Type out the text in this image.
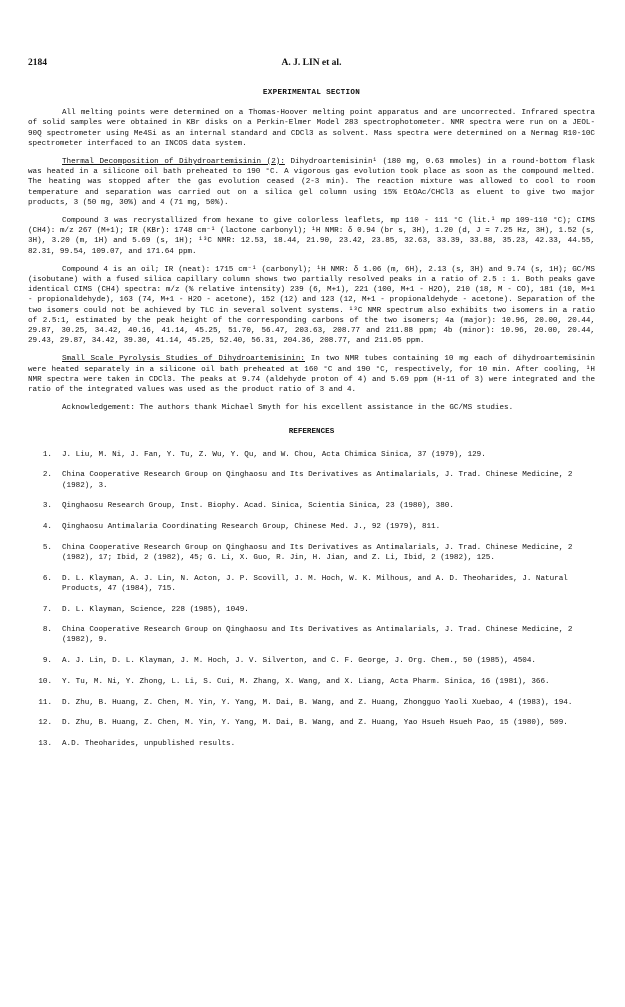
2184	A. J. LIN et al.
EXPERIMENTAL SECTION

All melting points were determined on a Thomas-Hoover melting point apparatus and are uncorrected. Infrared spectra of solid samples were obtained in KBr disks on a Perkin-Elmer Model 283 spectrophotometer. NMR spectra were run on a JEOL-90Q spectrometer using Me4Si as an internal standard and CDCl3 as solvent. Mass spectra were determined on a Nermag R10-10C spectrometer interfaced to an INCOS data system.

Thermal Decomposition of Dihydroartemisinin (2): Dihydroartemisinin¹ (180 mg, 0.63 mmoles) in a round-bottom flask was heated in a silicone oil bath preheated to 190 °C. A vigorous gas evolution took place as soon as the compound melted. The heating was stopped after the gas evolution ceased (2-3 min). The reaction mixture was allowed to cool to room temperature and separation was carried out on a silica gel column using 15% EtOAc/CHCl3 as eluent to give two major products, 3 (50 mg, 30%) and 4 (71 mg, 50%).

Compound 3 was recrystallized from hexane to give colorless leaflets, mp 110 - 111 °C (lit.¹ mp 109-110 °C); CIMS (CH4): m/z 267 (M+1); IR (KBr): 1748 cm⁻¹ (lactone carbonyl); ¹H NMR: δ 0.94 (br s, 3H), 1.20 (d, J = 7.25 Hz, 3H), 1.52 (s, 3H), 3.20 (m, 1H) and 5.69 (s, 1H); ¹³C NMR: 12.53, 18.44, 21.90, 23.42, 23.85, 32.63, 33.39, 33.88, 35.23, 42.33, 44.55, 82.31, 99.54, 109.07, and 171.64 ppm.

Compound 4 is an oil; IR (neat): 1715 cm⁻¹ (carbonyl); ¹H NMR: δ 1.06 (m, 6H), 2.13 (s, 3H) and 9.74 (s, 1H); GC/MS (isobutane) with a fused silica capillary column shows two partially resolved peaks in a ratio of 2.5 : 1. Both peaks gave identical CIMS (CH4) spectra: m/z (% relative intensity) 239 (6, M+1), 221 (100, M+1 - H2O), 210 (18, M - CO), 181 (10, M+1 - propionaldehyde), 163 (74, M+1 - H2O - acetone), 152 (12) and 123 (12, M+1 - propionaldehyde - acetone). Separation of the two isomers could not be achieved by TLC in several solvent systems. ¹³C NMR spectrum also exhibits two isomers in a ratio of 2.5:1, estimated by the peak height of the corresponding carbons of the two isomers; 4a (major): 10.96, 20.00, 20.44, 29.87, 30.25, 34.42, 40.16, 41.14, 45.25, 51.70, 56.47, 203.63, 208.77 and 211.88 ppm; 4b (minor): 10.96, 20.00, 20.44, 29.43, 29.87, 34.42, 39.30, 41.14, 45.25, 52.40, 56.31, 204.36, 208.77, and 211.05 ppm.

Small Scale Pyrolysis Studies of Dihydroartemisinin: In two NMR tubes containing 10 mg each of dihydroartemisinin were heated separately in a silicone oil bath preheated at 160 °C and 190 °C, respectively, for 10 min. After cooling, ¹H NMR spectra were taken in CDCl3. The peaks at 9.74 (aldehyde proton of 4) and 5.69 ppm (H-11 of 3) were integrated and the ratio of the integrated values was used as the product ratio of 3 and 4.

Acknowledgement: The authors thank Michael Smyth for his excellent assistance in the GC/MS studies.

REFERENCES
1.	J. Liu, M. Ni, J. Fan, Y. Tu, Z. Wu, Y. Qu, and W. Chou, Acta Chimica Sinica, 37 (1979), 129.
2.	China Cooperative Research Group on Qinghaosu and Its Derivatives as Antimalarials, J. Trad. Chinese Medicine, 2 (1982), 3.
3.	Qinghaosu Research Group, Inst. Biophy. Acad. Sinica, Scientia Sinica, 23 (1980), 380.
4.	Qinghaosu Antimalaria Coordinating Research Group, Chinese Med. J., 92 (1979), 811.
5.	China Cooperative Research Group on Qinghaosu and Its Derivatives as Antimalarials, J. Trad. Chinese Medicine, 2 (1982), 17; Ibid, 2 (1982), 45; G. Li, X. Guo, R. Jin, H. Jian, and Z. Li, Ibid, 2 (1982), 125.
6.	D. L. Klayman, A. J. Lin, N. Acton, J. P. Scovill, J. M. Hoch, W. K. Milhous, and A. D. Theoharides, J. Natural Products, 47 (1984), 715.
7.	D. L. Klayman, Science, 228 (1985), 1049.
8.	China Cooperative Research Group on Qinghaosu and Its Derivatives as Antimalarials, J. Trad. Chinese Medicine, 2 (1982), 9.
9.	A. J. Lin, D. L. Klayman, J. M. Hoch, J. V. Silverton, and C. F. George, J. Org. Chem., 50 (1985), 4504.
10.	Y. Tu, M. Ni, Y. Zhong, L. Li, S. Cui, M. Zhang, X. Wang, and X. Liang, Acta Pharm. Sinica, 16 (1981), 366.
11.	D. Zhu, B. Huang, Z. Chen, M. Yin, Y. Yang, M. Dai, B. Wang, and Z. Huang, Zhongguo Yaoli Xuebao, 4 (1983), 194.
12.	D. Zhu, B. Huang, Z. Chen, M. Yin, Y. Yang, M. Dai, B. Wang, and Z. Huang, Yao Hsueh Hsueh Pao, 15 (1980), 509.
13.	A.D. Theoharides, unpublished results.
